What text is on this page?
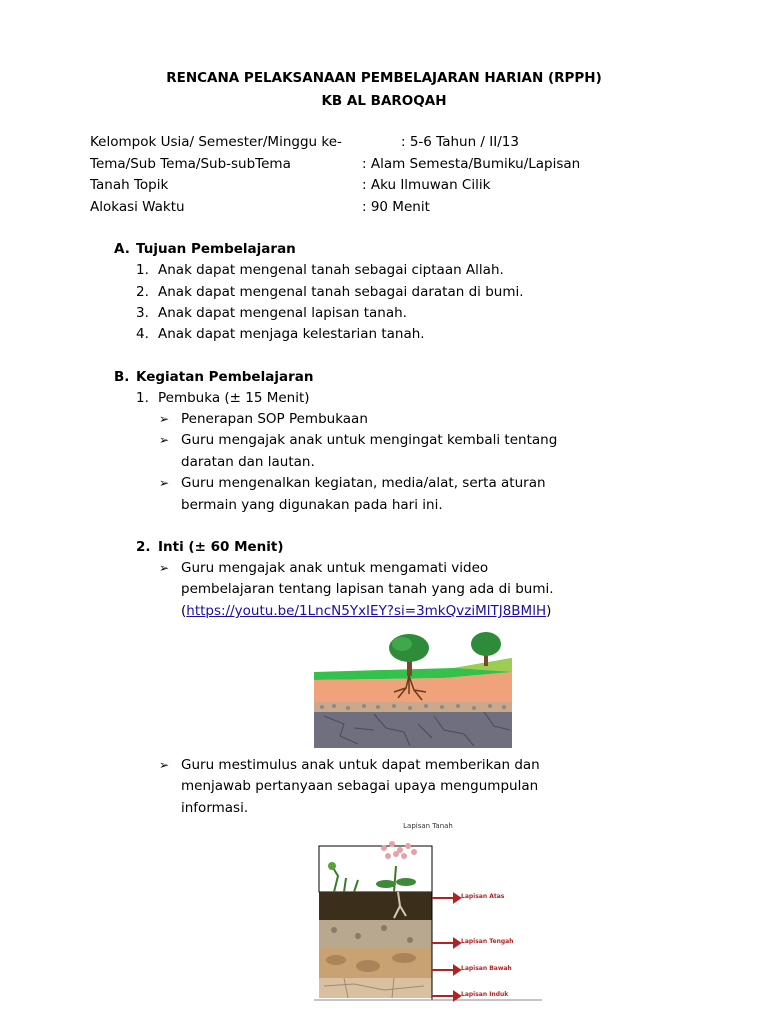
RENCANA PELAKSANAAN PEMBELAJARAN HARIAN (RPPH)
KB AL BAROQAH
Kelompok Usia/ Semester/Minggu ke-	: 5-6 Tahun / II/13
Tema/Sub Tema/Sub-subTema	: Alam Semesta/Bumiku/Lapisan
Tanah Topik	: Aku Ilmuwan Cilik
Alokasi Waktu	: 90 Menit
A. Tujuan Pembelajaran
1. Anak dapat mengenal tanah sebagai ciptaan Allah.
2. Anak dapat mengenal tanah sebagai daratan di bumi.
3. Anak dapat mengenal lapisan tanah.
4. Anak dapat menjaga kelestarian tanah.
B. Kegiatan Pembelajaran
1. Pembuka (± 15 Menit)
➢ Penerapan SOP Pembukaan
➢ Guru mengajak anak untuk mengingat kembali tentang
daratan dan lautan.
➢ Guru mengenalkan kegiatan, media/alat, serta aturan
bermain yang digunakan pada hari ini.
2. Inti (± 60 Menit)
➢ Guru mengajak anak untuk mengamati video
pembelajaran tentang lapisan tanah yang ada di bumi.
(https://youtu.be/1LncN5YxIEY?si=3mkQvziMlTJ8BMlH)
➢ Guru mestimulus anak untuk dapat memberikan dan
menjawab pertanyaan sebagai upaya mengumpulan
informasi.
Lapisan Tanah
Lapisan Atas
Lapisan Tengah
Lapisan Bawah
Lapisan Induk
